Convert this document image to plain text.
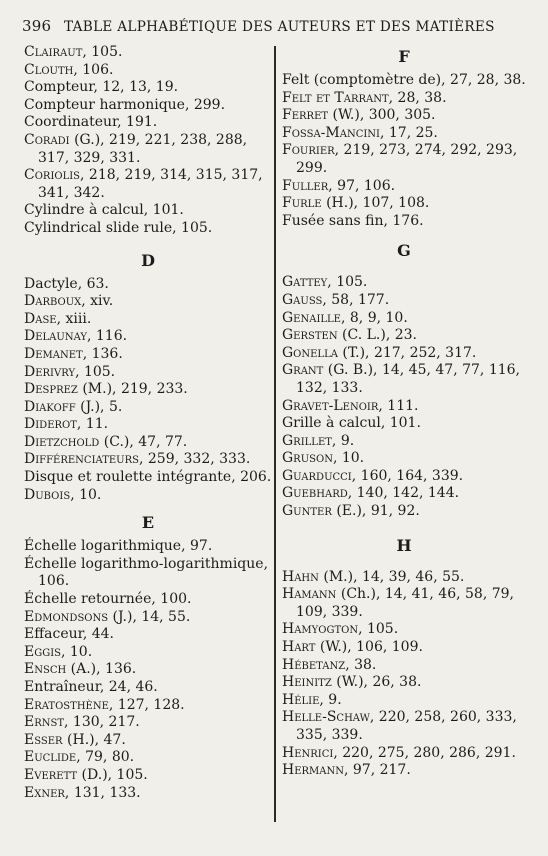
396 TABLE ALPHABÉTIQUE DES AUTEURS ET DES MATIÈRES

Clairaut, 105.

Clouth, 106.

Compteur, 12, 13, 19.

Compteur harmonique, 299.

Coordinateur, 191.

Coradi (G.), 219, 221, 238, 288, 317, 329, 331.

Coriolis, 218, 219, 314, 315, 317, 341, 342.

Cylindre à calcul, 101.

Cylindrical slide rule, 105.

D

Dactyle, 63.

Darboux, xiv.

Dase, xiii.

Delaunay, 116.

Demanet, 136.

Derivry, 105.

Desprez (M.), 219, 233.

Diakoff (J.), 5.

Diderot, 11.

Dietzchold (C.), 47, 77.

Différenciateurs, 259, 332, 333.

Disque et roulette intégrante, 206.

Dubois, 10.

E

Échelle logarithmique, 97.

Échelle logarithmo-logarithmique, 106.

Échelle retournée, 100.

Edmondsons (J.), 14, 55.

Effaceur, 44.

Eggis, 10.

Ensch (A.), 136.

Entraîneur, 24, 46.

Eratosthène, 127, 128.

Ernst, 130, 217.

Esser (H.), 47.

Euclide, 79, 80.

Everett (D.), 105.

Exner, 131, 133.

F

Felt (comptomètre de), 27, 28, 38.

Felt et Tarrant, 28, 38.

Ferret (W.), 300, 305.

Fossa-Mancini, 17, 25.

Fourier, 219, 273, 274, 292, 293, 299.

Fuller, 97, 106.

Furle (H.), 107, 108.

Fusée sans fin, 176.

G

Gattey, 105.

Gauss, 58, 177.

Genaille, 8, 9, 10.

Gersten (C. L.), 23.

Gonella (T.), 217, 252, 317.

Grant (G. B.), 14, 45, 47, 77, 116, 132, 133.

Gravet-Lenoir, 111.

Grille à calcul, 101.

Grillet, 9.

Gruson, 10.

Guarducci, 160, 164, 339.

Guebhard, 140, 142, 144.

Gunter (E.), 91, 92.

H

Hahn (M.), 14, 39, 46, 55.

Hamann (Ch.), 14, 41, 46, 58, 79, 109, 339.

Hamyogton, 105.

Hart (W.), 106, 109.

Hébetanz, 38.

Heinitz (W.), 26, 38.

Hélie, 9.

Helle-Schaw, 220, 258, 260, 333, 335, 339.

Henrici, 220, 275, 280, 286, 291.

Hermann, 97, 217.
